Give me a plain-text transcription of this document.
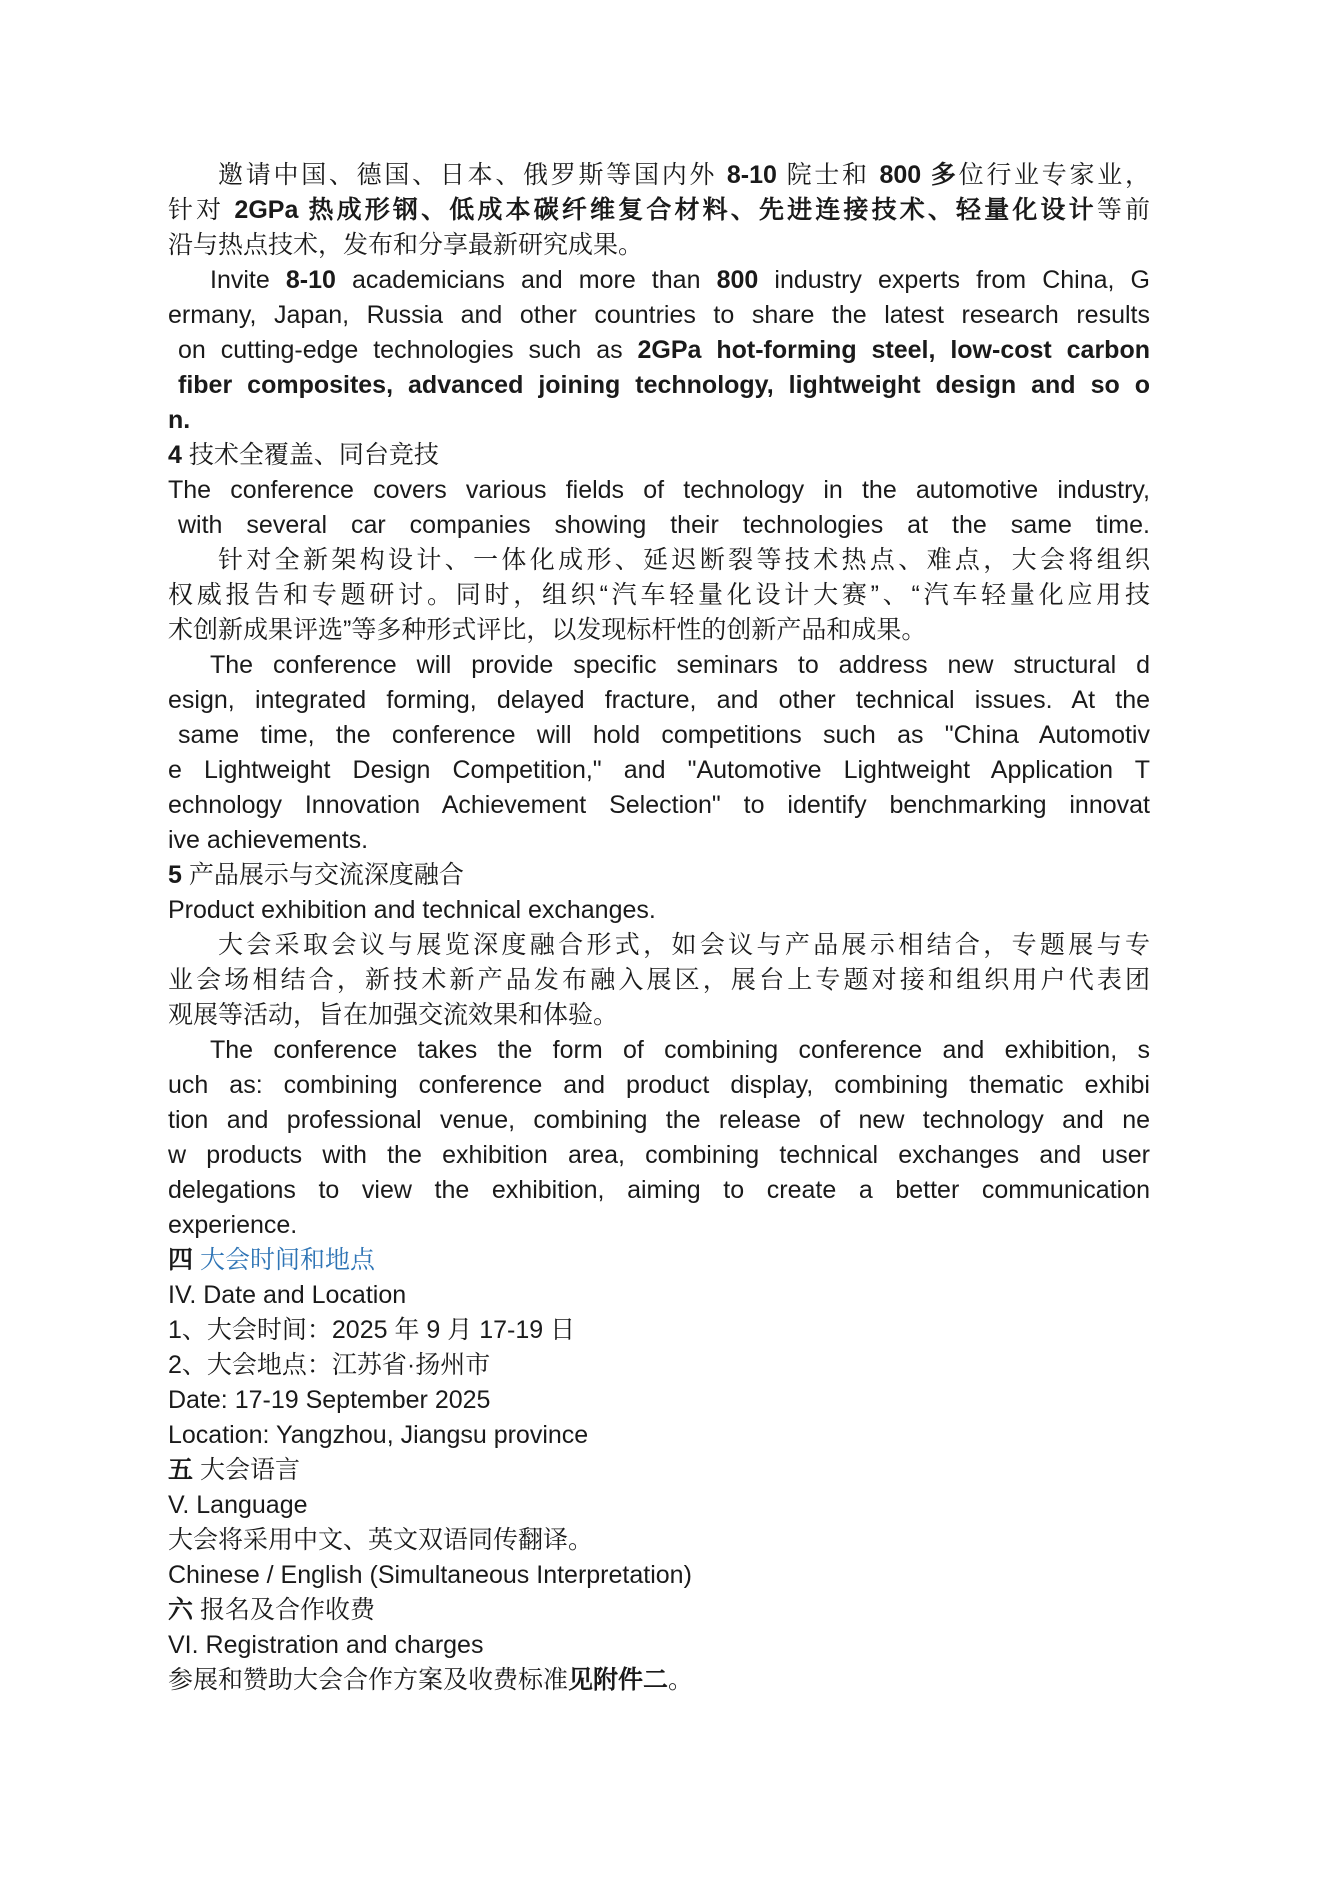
邀请中国、德国、日本、俄罗斯等国内外 8-10 院士和 800 多位行业专家业，
针对 2GPa 热成形钢、低成本碳纤维复合材料、先进连接技术、轻量化设计等前
沿与热点技术，发布和分享最新研究成果。
Invite 8-10 academicians and more than 800 industry experts from China, G
ermany, Japan, Russia and other countries to share the latest research results
on cutting-edge technologies such as 2GPa hot-forming steel, low-cost carbon
fiber composites, advanced joining technology, lightweight design and so o
n.
4 技术全覆盖、同台竞技
The conference covers various fields of technology in the automotive industry,
with several car companies showing their technologies at the same time.
针对全新架构设计、一体化成形、延迟断裂等技术热点、难点，大会将组织
权威报告和专题研讨。同时，组织“汽车轻量化设计大赛”、“汽车轻量化应用技
术创新成果评选”等多种形式评比，以发现标杆性的创新产品和成果。
The conference will provide specific seminars to address new structural d
esign, integrated forming, delayed fracture, and other technical issues. At the
same time, the conference will hold competitions such as "China Automotiv
e Lightweight Design Competition," and "Automotive Lightweight Application T
echnology Innovation Achievement Selection" to identify benchmarking innovat
ive achievements.
5 产品展示与交流深度融合
Product exhibition and technical exchanges.
大会采取会议与展览深度融合形式，如会议与产品展示相结合，专题展与专
业会场相结合，新技术新产品发布融入展区，展台上专题对接和组织用户代表团
观展等活动，旨在加强交流效果和体验。
The conference takes the form of combining conference and exhibition, s
uch as: combining conference and product display, combining thematic exhibi
tion and professional venue, combining the release of new technology and ne
w products with the exhibition area, combining technical exchanges and user
delegations to view the exhibition, aiming to create a better communication
experience.
四 大会时间和地点
IV. Date and Location
1、大会时间：2025 年 9 月 17-19 日
2、大会地点：江苏省·扬州市
Date: 17-19 September 2025
Location: Yangzhou, Jiangsu province
五 大会语言
V. Language
大会将采用中文、英文双语同传翻译。
Chinese / English (Simultaneous Interpretation)
六 报名及合作收费
VI. Registration and charges
参展和赞助大会合作方案及收费标准见附件二。
